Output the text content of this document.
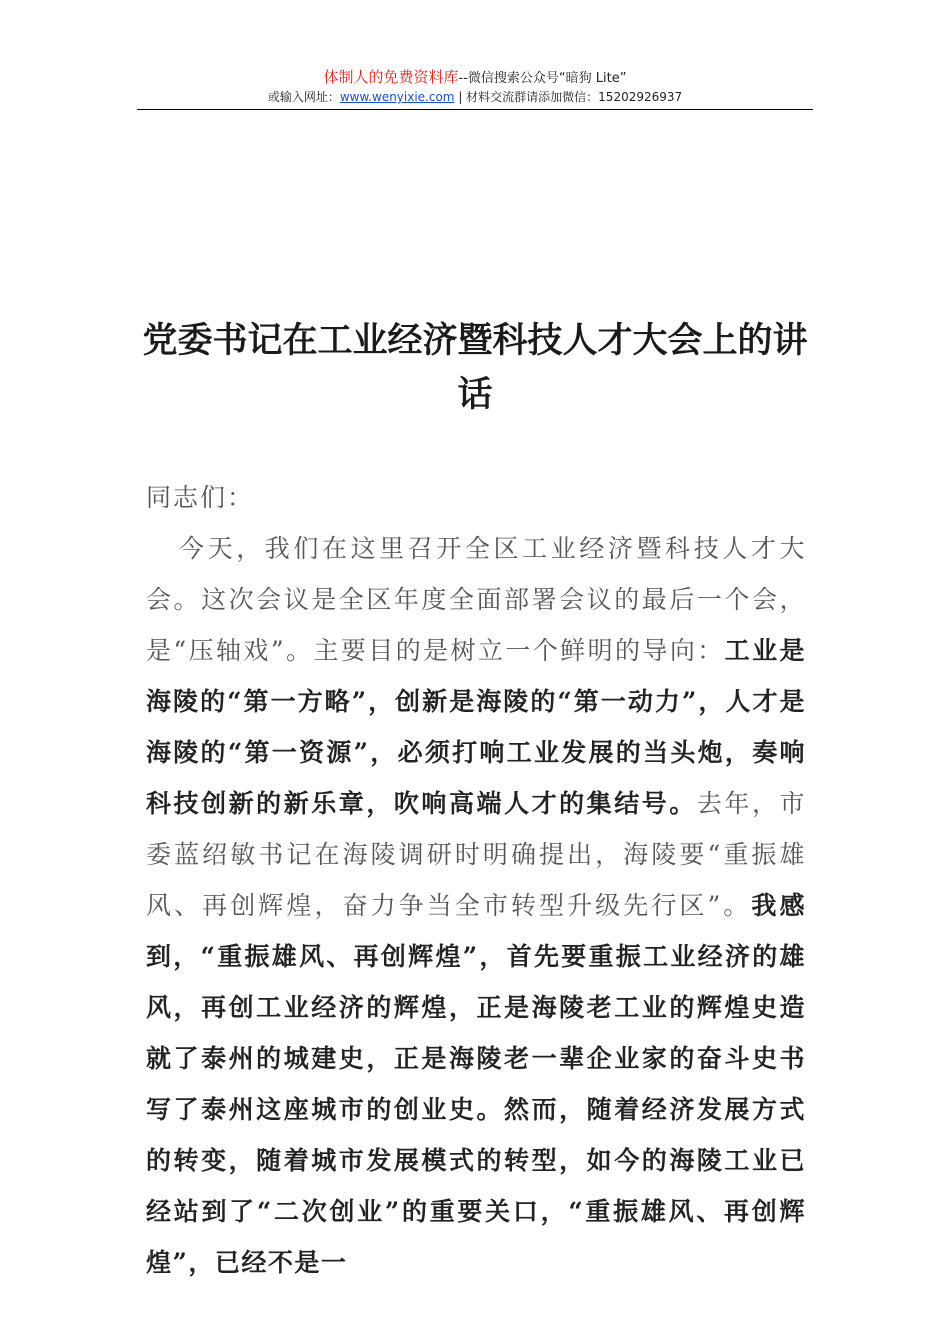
体制人的免费资料库--微信搜索公众号“暗狗 Lite”
或输入网址：www.wenyixie.com | 材料交流群请添加微信：15202926937
党委书记在工业经济暨科技人才大会上的讲话

同志们：

今天，我们在这里召开全区工业经济暨科技人才大会。这次会议是全区年度全面部署会议的最后一个会，是“压轴戏”。主要目的是树立一个鲜明的导向：工业是海陵的“第一方略”，创新是海陵的“第一动力”，人才是海陵的“第一资源”，必须打响工业发展的当头炮，奏响科技创新的新乐章，吹响高端人才的集结号。去年，市委蓝绍敏书记在海陵调研时明确提出，海陵要“重振雄风、再创辉煌，奋力争当全市转型升级先行区”。我感到，“重振雄风、再创辉煌”，首先要重振工业经济的雄风，再创工业经济的辉煌，正是海陵老工业的辉煌史造就了泰州的城建史，正是海陵老一辈企业家的奋斗史书写了泰州这座城市的创业史。然而，随着经济发展方式的转变，随着城市发展模式的转型，如今的海陵工业已经站到了“二次创业”的重要关口，“重振雄风、再创辉煌”，已经不是一
